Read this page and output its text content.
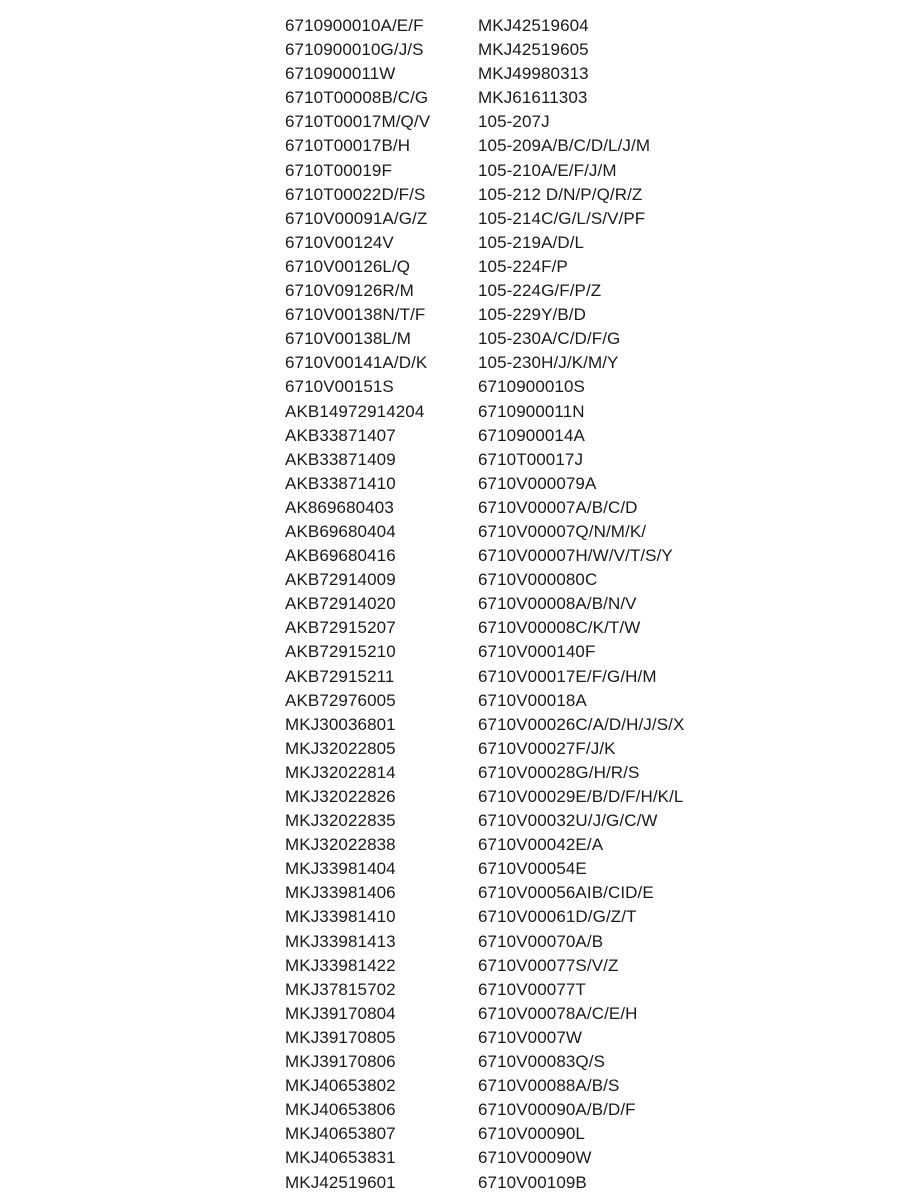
6710900010A/E/F	MKJ42519604
6710900010G/J/S	MKJ42519605
6710900011W	MKJ49980313
6710T00008B/C/G	MKJ61611303
6710T00017M/Q/V	105-207J
6710T00017B/H	105-209A/B/C/D/L/J/M
6710T00019F	105-210A/E/F/J/M
6710T00022D/F/S	105-212 D/N/P/Q/R/Z
6710V00091A/G/Z	105-214C/G/L/S/V/PF
6710V00124V	105-219A/D/L
6710V00126L/Q	105-224F/P
6710V09126R/M	105-224G/F/P/Z
6710V00138N/T/F	105-229Y/B/D
6710V00138L/M	105-230A/C/D/F/G
6710V00141A/D/K	105-230H/J/K/M/Y
6710V00151S	6710900010S
AKB14972914204	6710900011N
AKB33871407	6710900014A
AKB33871409	6710T00017J
AKB33871410	6710V000079A
AK869680403	6710V00007A/B/C/D
AKB69680404	6710V00007Q/N/M/K/
AKB69680416	6710V00007H/W/V/T/S/Y
AKB72914009	6710V000080C
AKB72914020	6710V00008A/B/N/V
AKB72915207	6710V00008C/K/T/W
AKB72915210	6710V000140F
AKB72915211	6710V00017E/F/G/H/M
AKB72976005	6710V00018A
MKJ30036801	6710V00026C/A/D/H/J/S/X
MKJ32022805	6710V00027F/J/K
MKJ32022814	6710V00028G/H/R/S
MKJ32022826	6710V00029E/B/D/F/H/K/L
MKJ32022835	6710V00032U/J/G/C/W
MKJ32022838	6710V00042E/A
MKJ33981404	6710V00054E
MKJ33981406	6710V00056AIB/CID/E
MKJ33981410	6710V00061D/G/Z/T
MKJ33981413	6710V00070A/B
MKJ33981422	6710V00077S/V/Z
MKJ37815702	6710V00077T
MKJ39170804	6710V00078A/C/E/H
MKJ39170805	6710V0007W
MKJ39170806	6710V00083Q/S
MKJ40653802	6710V00088A/B/S
MKJ40653806	6710V00090A/B/D/F
MKJ40653807	6710V00090L
MKJ40653831	6710V00090W
MKJ42519601	6710V00109B
